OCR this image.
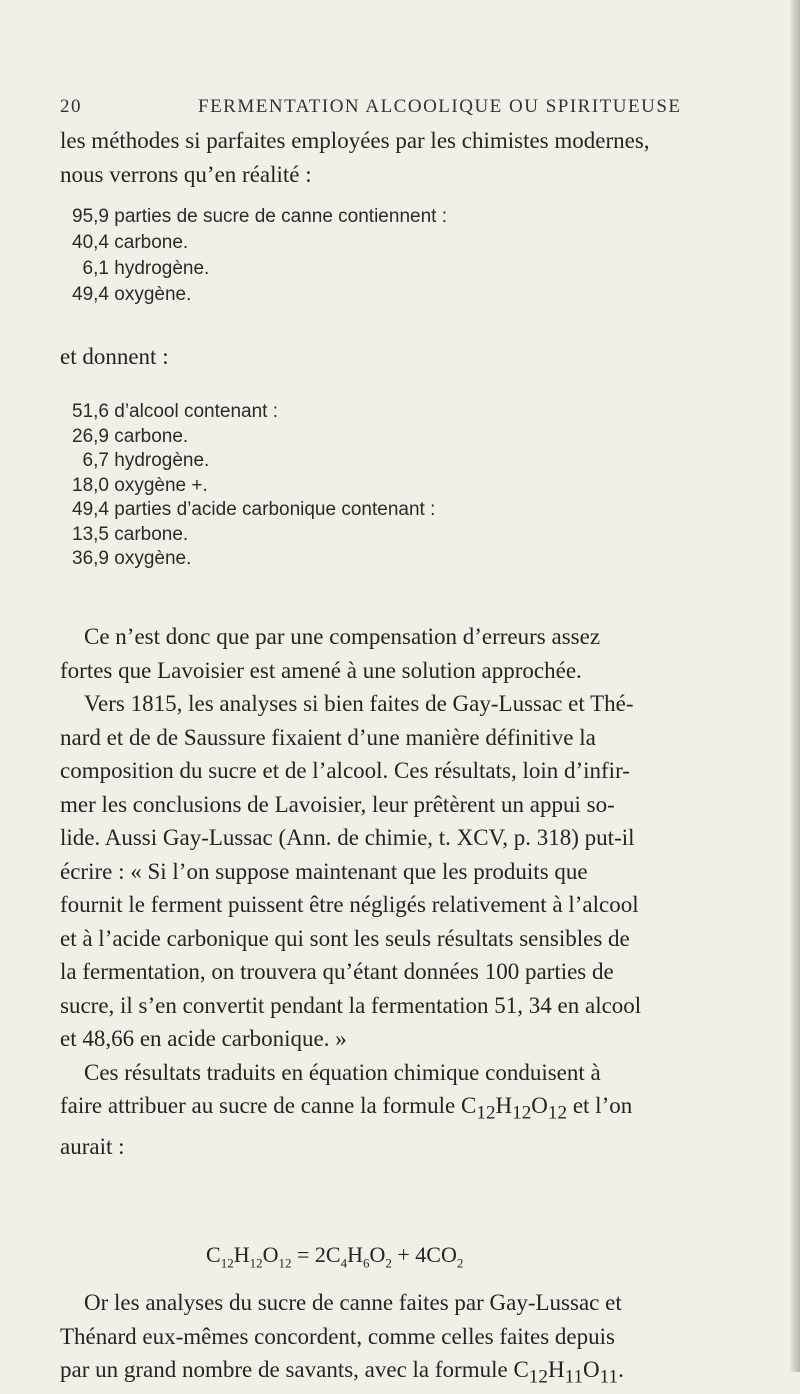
20	FERMENTATION ALCOOLIQUE OU SPIRITUEUSE

les méthodes si parfaites employées par les chimistes modernes,

nous verrons qu’en réalité :

95,9 parties de sucre de canne contiennent :
40,4 carbone.
6,1 hydrogène.
49,4 oxygène.

et donnent :

51,6 d’alcool contenant :
26,9 carbone.
6,7 hydrogène.
18,0 oxygène +.
49,4 parties d’acide carbonique contenant :
13,5 carbone.
36,9 oxygène.

Ce n’est donc que par une compensation d’erreurs assez

fortes que Lavoisier est amené à une solution approchée.

Vers 1815, les analyses si bien faites de Gay-Lussac et Thé-

nard et de de Saussure fixaient d’une manière définitive la

composition du sucre et de l’alcool. Ces résultats, loin d’infir-

mer les conclusions de Lavoisier, leur prêtèrent un appui so-

lide. Aussi Gay-Lussac (Ann. de chimie, t. XCV, p. 318) put-il

écrire : « Si l’on suppose maintenant que les produits que

fournit le ferment puissent être négligés relativement à l’alcool

et à l’acide carbonique qui sont les seuls résultats sensibles de

la fermentation, on trouvera qu’étant données 100 parties de

sucre, il s’en convertit pendant la fermentation 51, 34 en alcool

et 48,66 en acide carbonique. »

Ces résultats traduits en équation chimique conduisent à

faire attribuer au sucre de canne la formule $C_{12}H_{12}O_{12}$ et l’on

aurait :

$C_{12}H_{12}O_{12} = 2C_4H_6O_2 + 4CO_2$

Or les analyses du sucre de canne faites par Gay-Lussac et

Thénard eux-mêmes concordent, comme celles faites depuis

par un grand nombre de savants, avec la formule $C_{12}H_{11}O_{11}$.
